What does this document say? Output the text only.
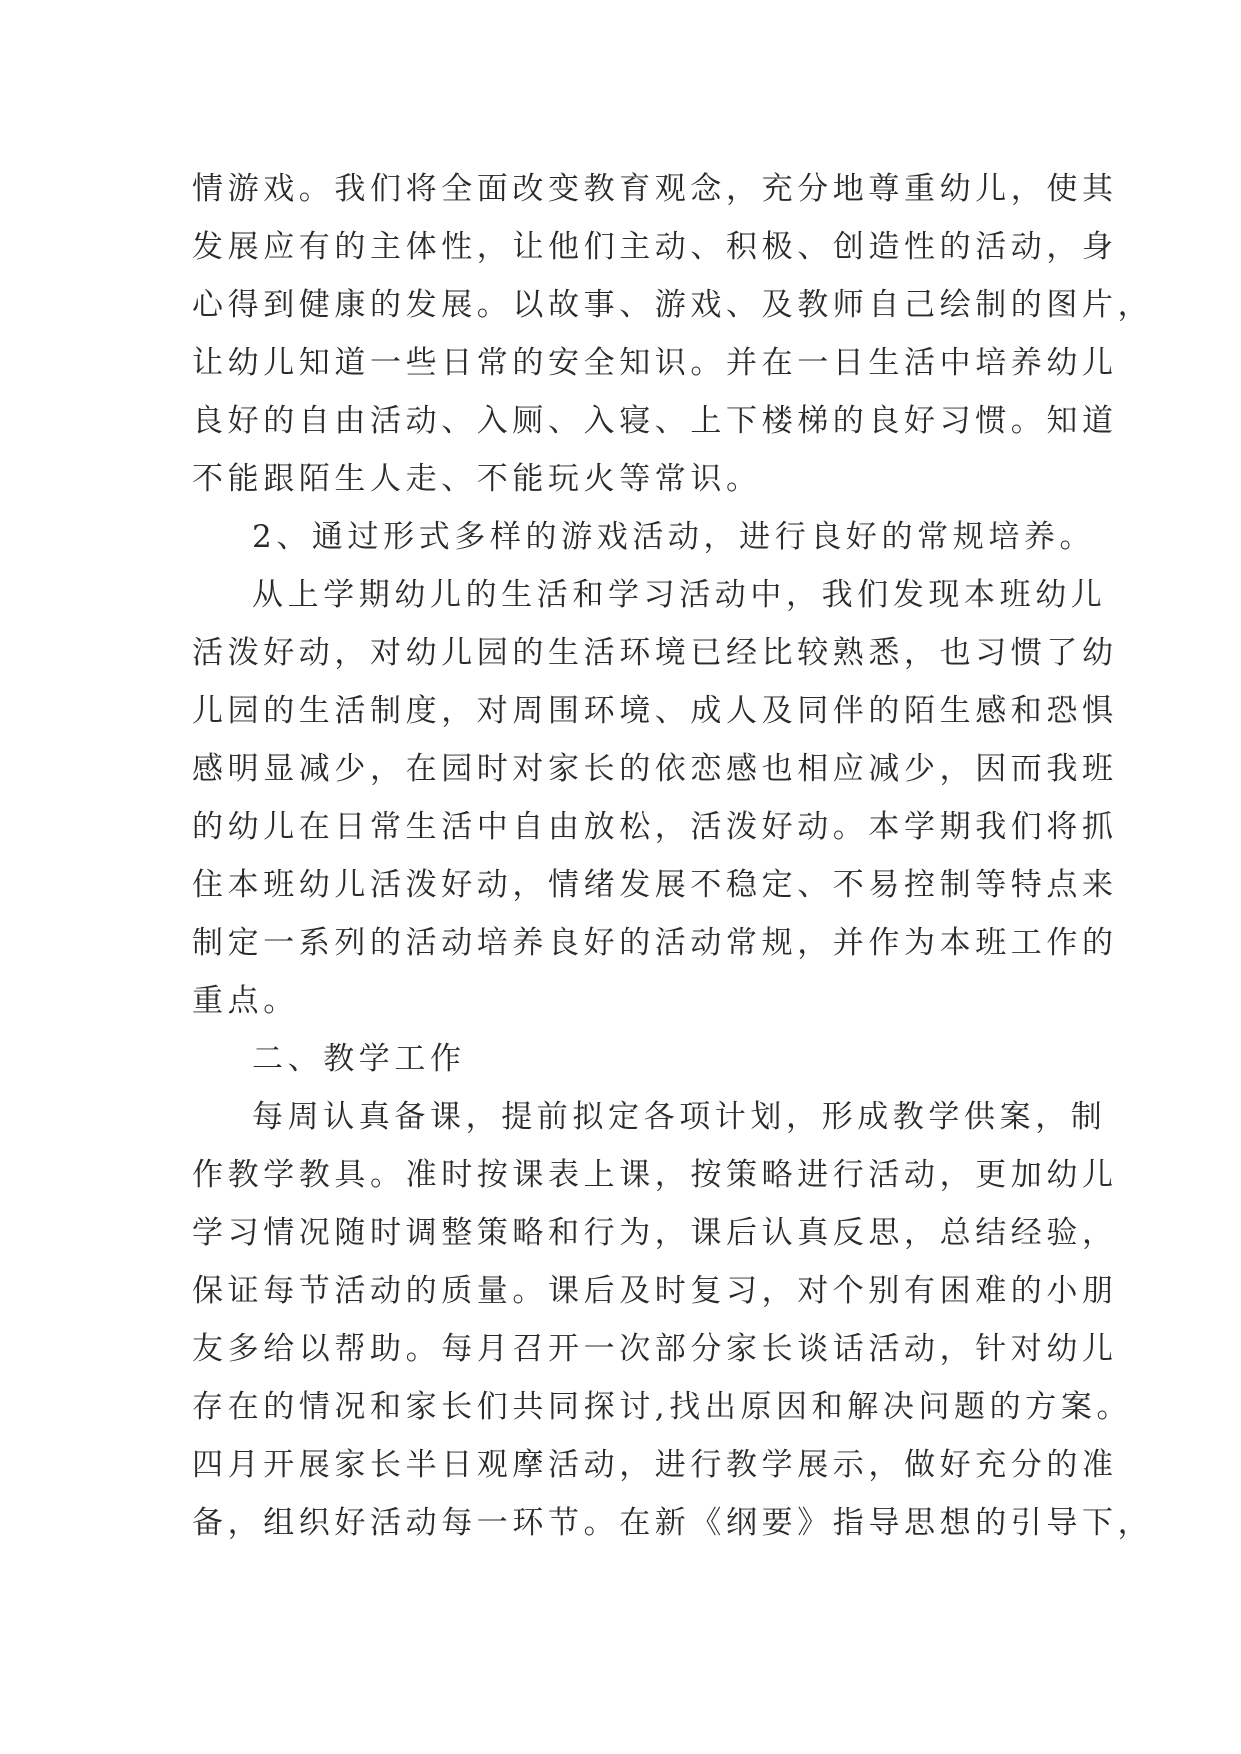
情游戏。我们将全面改变教育观念，充分地尊重幼儿，使其
发展应有的主体性，让他们主动、积极、创造性的活动，身
心得到健康的发展。以故事、游戏、及教师自己绘制的图片，
让幼儿知道一些日常的安全知识。并在一日生活中培养幼儿
良好的自由活动、入厕、入寝、上下楼梯的良好习惯。知道
不能跟陌生人走、不能玩火等常识。
2、通过形式多样的游戏活动，进行良好的常规培养。
从上学期幼儿的生活和学习活动中，我们发现本班幼儿
活泼好动，对幼儿园的生活环境已经比较熟悉，也习惯了幼
儿园的生活制度，对周围环境、成人及同伴的陌生感和恐惧
感明显减少，在园时对家长的依恋感也相应减少，因而我班
的幼儿在日常生活中自由放松，活泼好动。本学期我们将抓
住本班幼儿活泼好动，情绪发展不稳定、不易控制等特点来
制定一系列的活动培养良好的活动常规，并作为本班工作的
重点。
二、教学工作
每周认真备课，提前拟定各项计划，形成教学供案，制
作教学教具。准时按课表上课，按策略进行活动，更加幼儿
学习情况随时调整策略和行为，课后认真反思，总结经验，
保证每节活动的质量。课后及时复习，对个别有困难的小朋
友多给以帮助。每月召开一次部分家长谈话活动，针对幼儿
存在的情况和家长们共同探讨,找出原因和解决问题的方案。
四月开展家长半日观摩活动，进行教学展示，做好充分的准
备，组织好活动每一环节。在新《纲要》指导思想的引导下，
